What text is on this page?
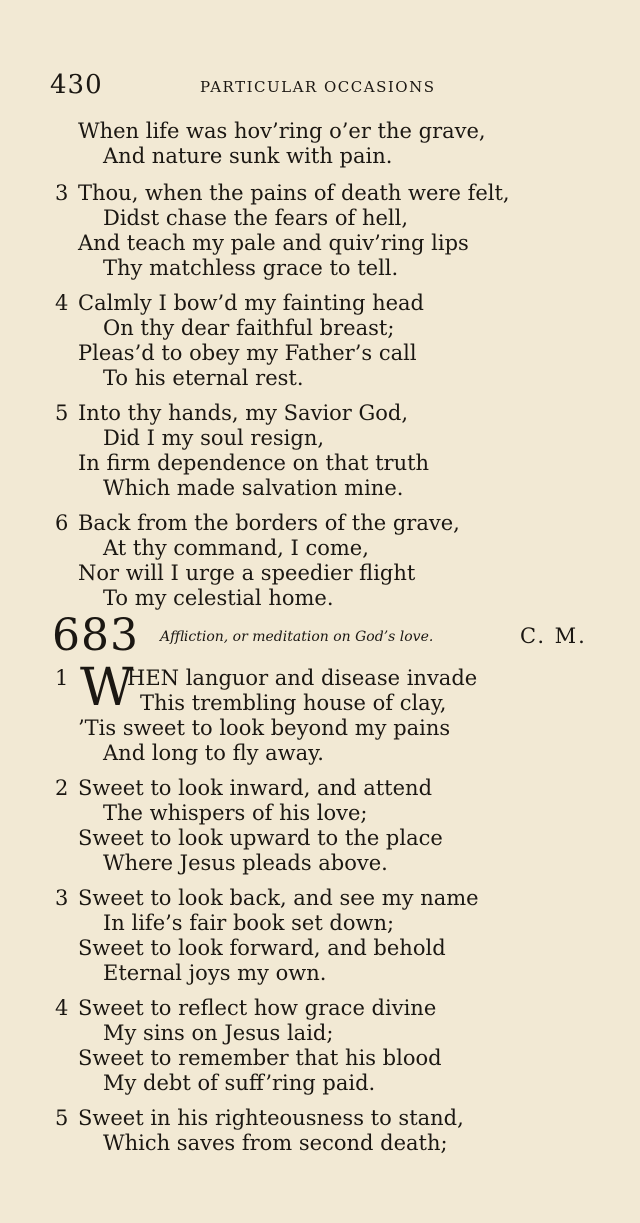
430	PARTICULAR OCCASIONS
When life was hov’ring o’er the grave,
And nature sunk with pain.
3 Thou, when the pains of death were felt,
Didst chase the fears of hell,
And teach my pale and quiv’ring lips
Thy matchless grace to tell.
4 Calmly I bow’d my fainting head
On thy dear faithful breast;
Pleas’d to obey my Father’s call
To his eternal rest.
5 Into thy hands, my Savior God,
Did I my soul resign,
In firm dependence on that truth
Which made salvation mine.
6 Back from the borders of the grave,
At thy command, I come,
Nor will I urge a speedier flight
To my celestial home.
683 Affliction, or meditation on God’s love.	C. M.
1 W
HEN languor and disease invade
This trembling house of clay,
’Tis sweet to look beyond my pains
And long to fly away.
2 Sweet to look inward, and attend
The whispers of his love;
Sweet to look upward to the place
Where Jesus pleads above.
3 Sweet to look back, and see my name
In life’s fair book set down;
Sweet to look forward, and behold
Eternal joys my own.
4 Sweet to reflect how grace divine
My sins on Jesus laid;
Sweet to remember that his blood
My debt of suff’ring paid.
5 Sweet in his righteousness to stand,
Which saves from second death;
